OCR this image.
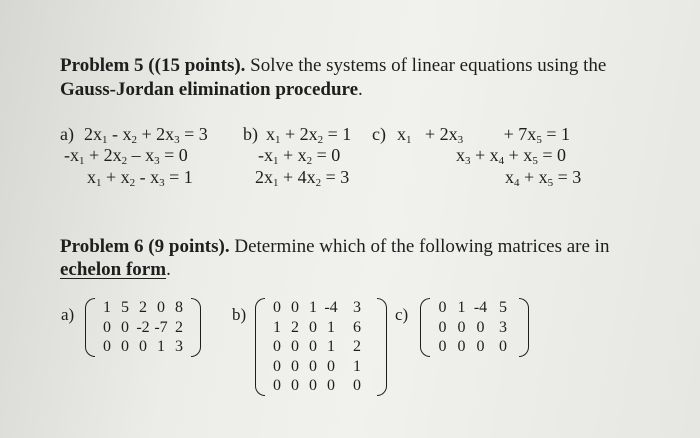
Problem 5 ((15 points). Solve the systems of linear equations using the
Gauss-Jordan elimination procedure.
a) $2x_1 - x_2 + 2x_3 = 3$
$-x_1 + 2x_2 - x_3 = 0$
$x_1 + x_2 - x_3 = 1$
b) $x_1 + 2x_2 = 1$
$-x_1 + x_2 = 0$
$2x_1 + 4x_2 = 3$
c) $x_1 + 2x_3$         + $7x_5 = 1$
$x_3 + x_4 + x_5 = 0$
$x_4 + x_5 = 3$
Problem 6 (9 points). Determine which of the following matrices are in
echelon form.
a)	1 5 2 0 8
0 0 -2 -7 2
0 0 0 1 3
b)	0 0 1 -4 3
1 2 0 1	6
0 0 0 1	2
0 0 0 0	1
0 0 0 0	0
c)	0 1 -4 5
0 0 0 3
0 0 0 0
